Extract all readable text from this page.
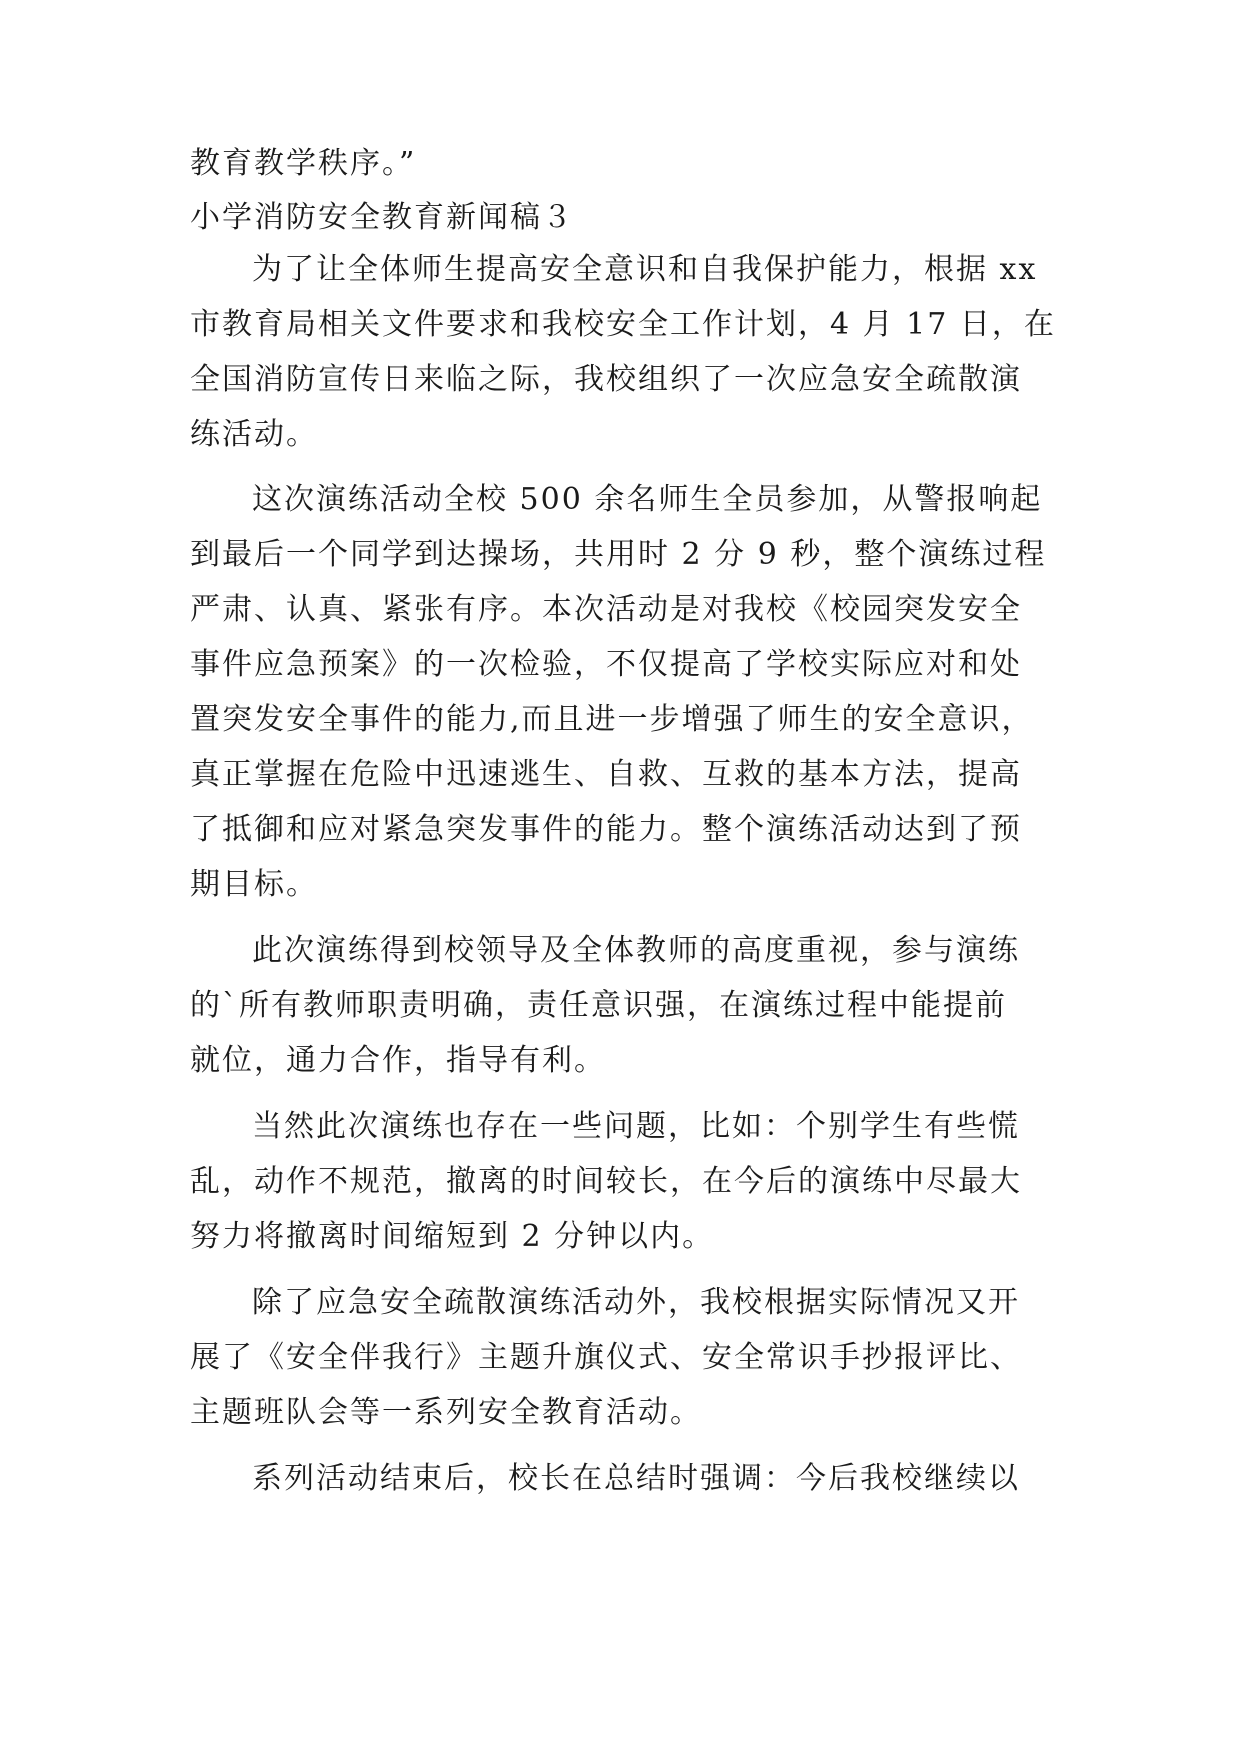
教育教学秩序。”
小学消防安全教育新闻稿３
为了让全体师生提高安全意识和自我保护能力，根据 xx
市教育局相关文件要求和我校安全工作计划，4 月 17 日，在
全国消防宣传日来临之际，我校组织了一次应急安全疏散演
练活动。
这次演练活动全校 500 余名师生全员参加，从警报响起
到最后一个同学到达操场，共用时 2 分 9 秒，整个演练过程
严肃、认真、紧张有序。本次活动是对我校《校园突发安全
事件应急预案》的一次检验，不仅提高了学校实际应对和处
置突发安全事件的能力,而且进一步增强了师生的安全意识，
真正掌握在危险中迅速逃生、自救、互救的基本方法，提高
了抵御和应对紧急突发事件的能力。整个演练活动达到了预
期目标。
此次演练得到校领导及全体教师的高度重视，参与演练
的`所有教师职责明确，责任意识强，在演练过程中能提前
就位，通力合作，指导有利。
当然此次演练也存在一些问题，比如：个别学生有些慌
乱，动作不规范，撤离的时间较长，在今后的演练中尽最大
努力将撤离时间缩短到 2 分钟以内。
除了应急安全疏散演练活动外，我校根据实际情况又开
展了《安全伴我行》主题升旗仪式、安全常识手抄报评比、
主题班队会等一系列安全教育活动。
系列活动结束后，校长在总结时强调：今后我校继续以
